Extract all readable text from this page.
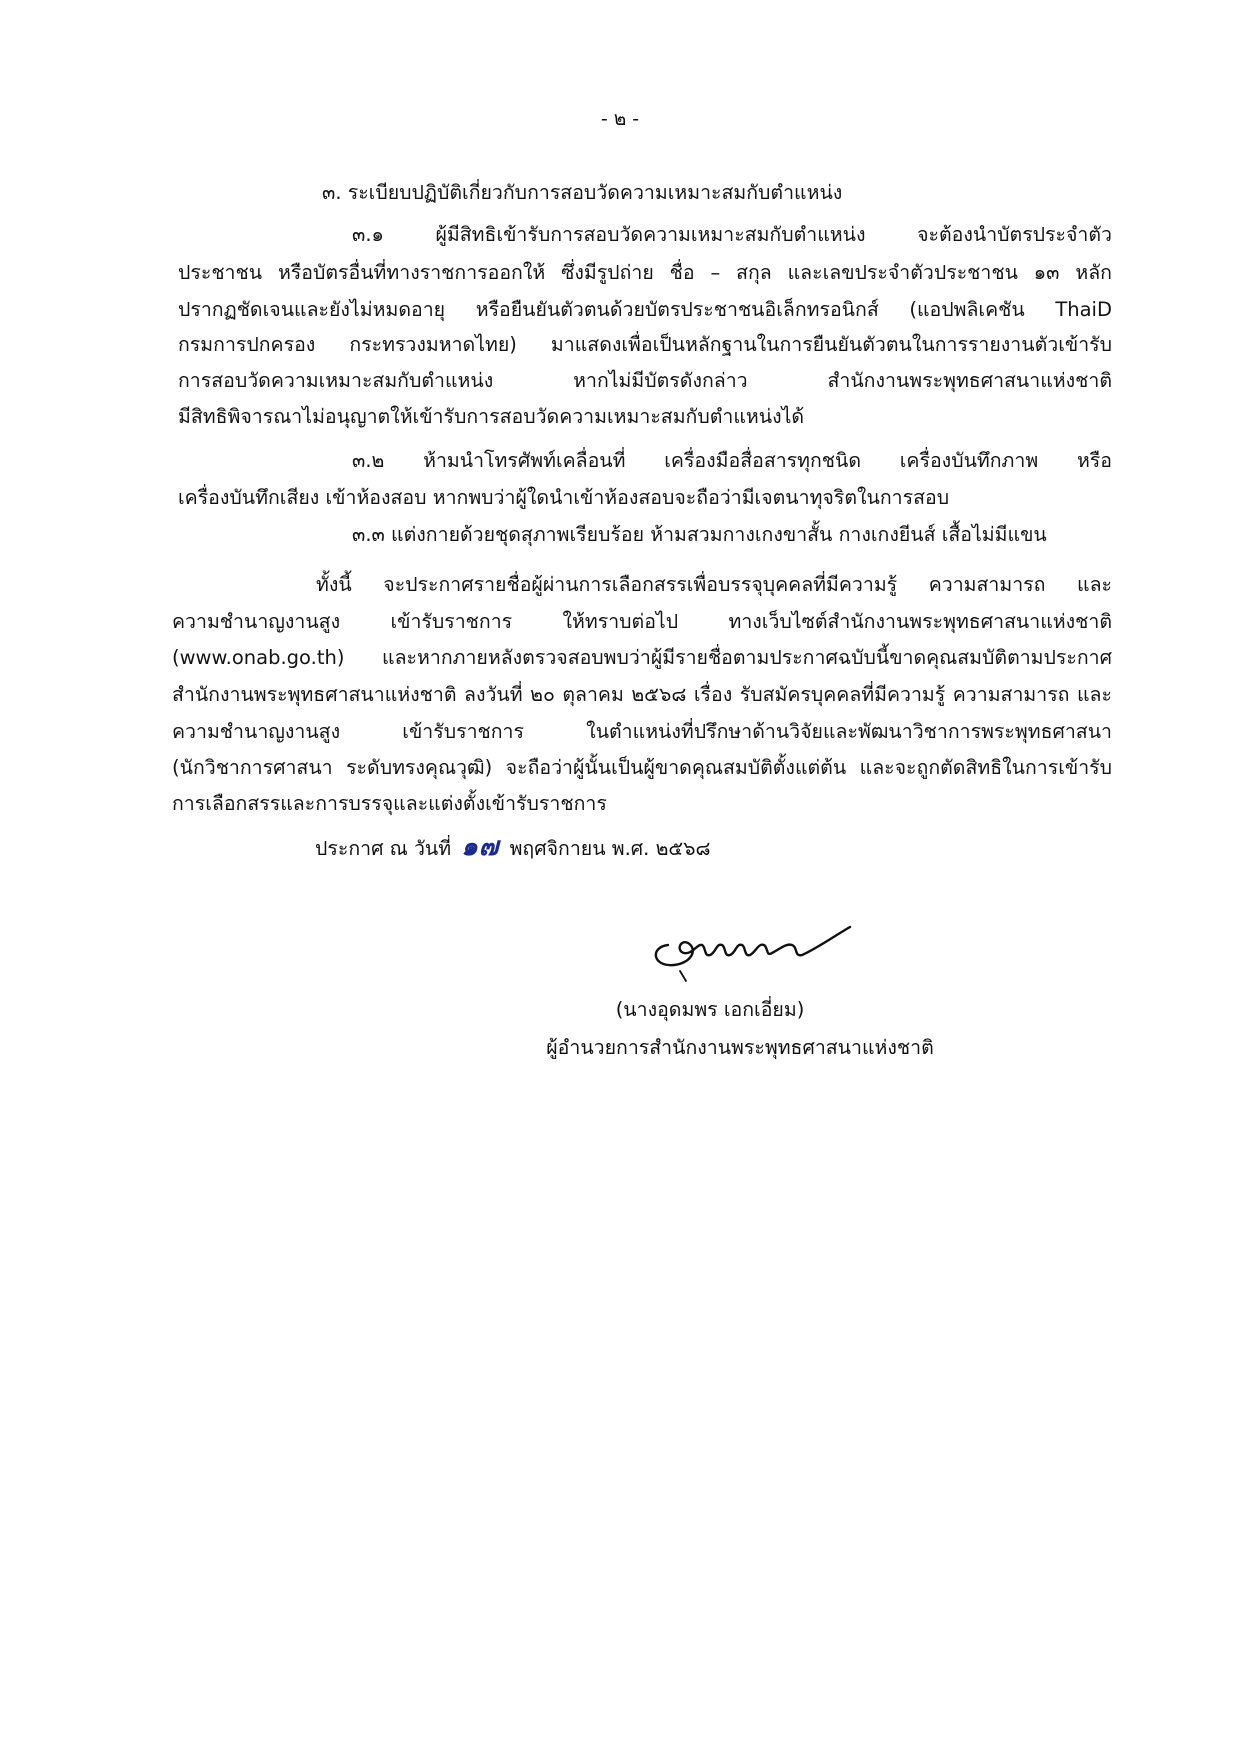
- ๒ -
๓. ระเบียบปฏิบัติเกี่ยวกับการสอบวัดความเหมาะสมกับตำแหน่ง
๓.๑ ผู้มีสิทธิเข้ารับการสอบวัดความเหมาะสมกับตำแหน่ง จะต้องนำบัตรประจำตัว
ประชาชน หรือบัตรอื่นที่ทางราชการออกให้ ซึ่งมีรูปถ่าย ชื่อ – สกุล และเลขประจำตัวประชาชน ๑๓ หลัก
ปรากฏชัดเจนและยังไม่หมดอายุ หรือยืนยันตัวตนด้วยบัตรประชาชนอิเล็กทรอนิกส์ (แอปพลิเคชัน ThaiD
กรมการปกครอง กระทรวงมหาดไทย) มาแสดงเพื่อเป็นหลักฐานในการยืนยันตัวตนในการรายงานตัวเข้ารับ
การสอบวัดความเหมาะสมกับตำแหน่ง หากไม่มีบัตรดังกล่าว สำนักงานพระพุทธศาสนาแห่งชาติ
มีสิทธิพิจารณาไม่อนุญาตให้เข้ารับการสอบวัดความเหมาะสมกับตำแหน่งได้
๓.๒ ห้ามนำโทรศัพท์เคลื่อนที่ เครื่องมือสื่อสารทุกชนิด เครื่องบันทึกภาพ หรือ
เครื่องบันทึกเสียง เข้าห้องสอบ หากพบว่าผู้ใดนำเข้าห้องสอบจะถือว่ามีเจตนาทุจริตในการสอบ
๓.๓ แต่งกายด้วยชุดสุภาพเรียบร้อย ห้ามสวมกางเกงขาสั้น กางเกงยีนส์ เสื้อไม่มีแขน
ทั้งนี้ จะประกาศรายชื่อผู้ผ่านการเลือกสรรเพื่อบรรจุบุคคลที่มีความรู้ ความสามารถ และ
ความชำนาญงานสูง เข้ารับราชการ ให้ทราบต่อไป ทางเว็บไซต์สำนักงานพระพุทธศาสนาแห่งชาติ
(www.onab.go.th) และหากภายหลังตรวจสอบพบว่าผู้มีรายชื่อตามประกาศฉบับนี้ขาดคุณสมบัติตามประกาศ
สำนักงานพระพุทธศาสนาแห่งชาติ ลงวันที่ ๒๐ ตุลาคม ๒๕๖๘ เรื่อง รับสมัครบุคคลที่มีความรู้ ความสามารถ และ
ความชำนาญงานสูง เข้ารับราชการ ในตำแหน่งที่ปรึกษาด้านวิจัยและพัฒนาวิชาการพระพุทธศาสนา
(นักวิชาการศาสนา ระดับทรงคุณวุฒิ) จะถือว่าผู้นั้นเป็นผู้ขาดคุณสมบัติตั้งแต่ต้น และจะถูกตัดสิทธิในการเข้ารับ
การเลือกสรรและการบรรจุและแต่งตั้งเข้ารับราชการ
ประกาศ ณ วันที่ ๑๗ พฤศจิกายน พ.ศ. ๒๕๖๘
(นางอุดมพร เอกเอี่ยม)
ผู้อำนวยการสำนักงานพระพุทธศาสนาแห่งชาติ
